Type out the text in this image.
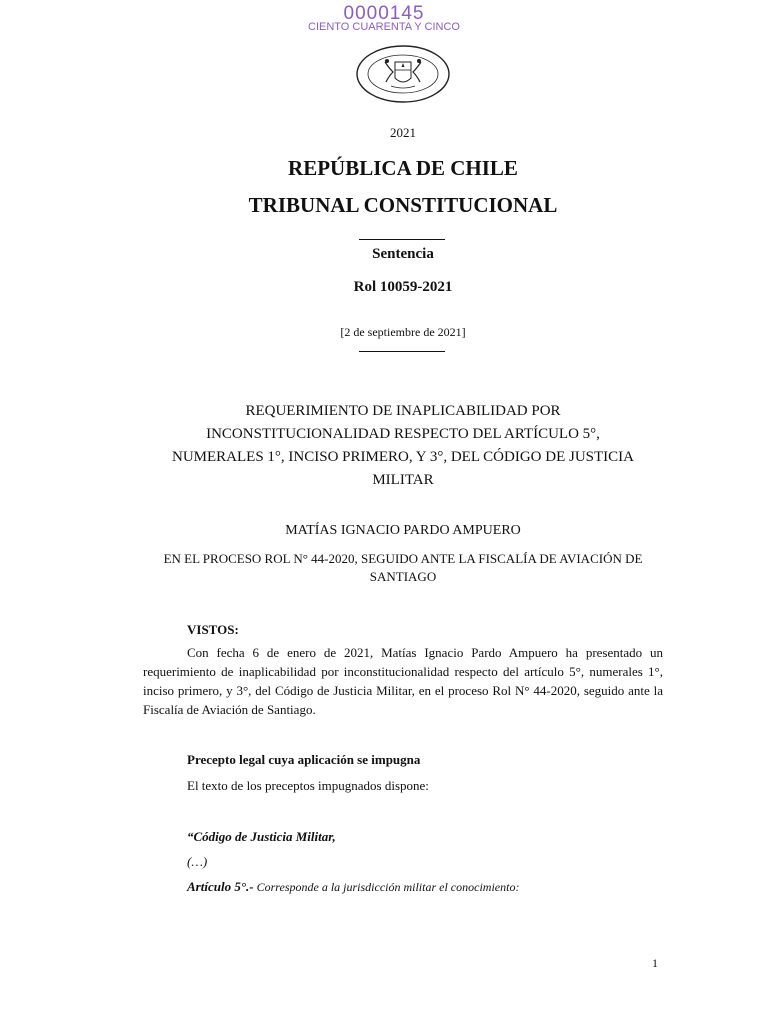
0000145
CIENTO CUARENTA Y CINCO
2021
REPÚBLICA DE CHILE
TRIBUNAL CONSTITUCIONAL
Sentencia
Rol 10059-2021
[2 de septiembre de 2021]
REQUERIMIENTO DE INAPLICABILIDAD POR INCONSTITUCIONALIDAD RESPECTO DEL ARTÍCULO 5°, NUMERALES 1°, INCISO PRIMERO, Y 3°, DEL CÓDIGO DE JUSTICIA MILITAR
MATÍAS IGNACIO PARDO AMPUERO
EN EL PROCESO ROL N° 44-2020, SEGUIDO ANTE LA FISCALÍA DE AVIACIÓN DE SANTIAGO
VISTOS:
Con fecha 6 de enero de 2021, Matías Ignacio Pardo Ampuero ha presentado un requerimiento de inaplicabilidad por inconstitucionalidad respecto del artículo 5°, numerales 1°, inciso primero, y 3°, del Código de Justicia Militar, en el proceso Rol N° 44-2020, seguido ante la Fiscalía de Aviación de Santiago.
Precepto legal cuya aplicación se impugna
El texto de los preceptos impugnados dispone:
“Código de Justicia Militar,
(…)
Artículo 5°.- Corresponde a la jurisdicción militar el conocimiento:
1
